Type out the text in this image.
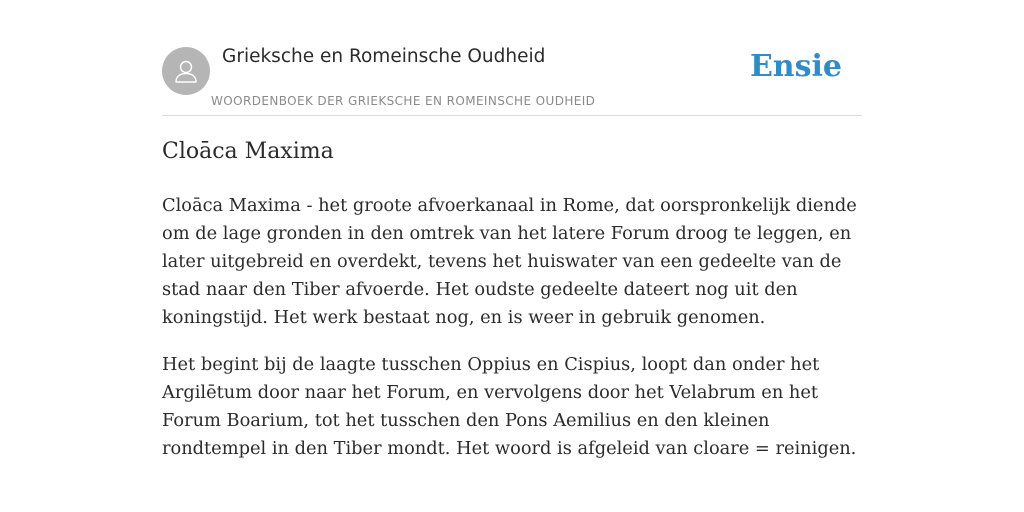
Grieksche en Romeinsche Oudheid
WOORDENBOEK DER GRIEKSCHE EN ROMEINSCHE OUDHEID
Ensie
Cloāca Maxima

Cloāca Maxima - het groote afvoerkanaal in Rome, dat oorspronkelijk diende om de lage gronden in den omtrek van het latere Forum droog te leggen, en later uitgebreid en overdekt, tevens het huiswater van een gedeelte van de stad naar den Tiber afvoerde. Het oudste gedeelte dateert nog uit den koningstijd. Het werk bestaat nog, en is weer in gebruik genomen.

Het begint bij de laagte tusschen Oppius en Cispius, loopt dan onder het Argilētum door naar het Forum, en vervolgens door het Velabrum en het Forum Boarium, tot het tusschen den Pons Aemilius en den kleinen rondtempel in den Tiber mondt. Het woord is afgeleid van cloare = reinigen.
